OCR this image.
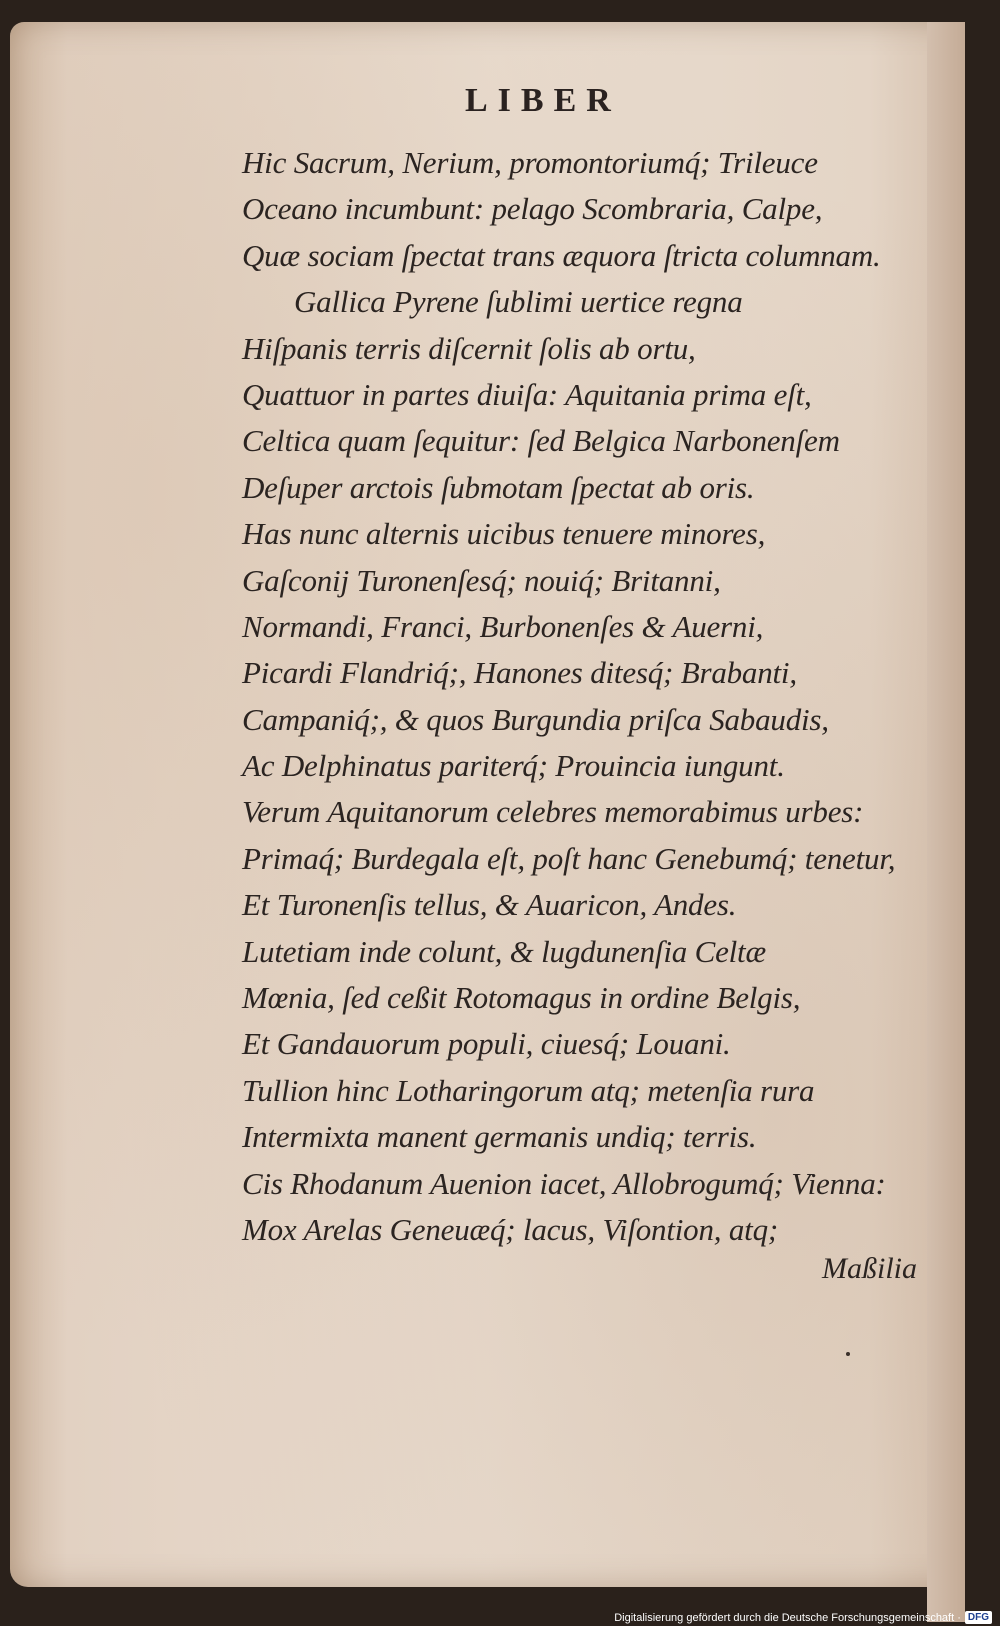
LIBER
Hic Sacrum, Nerium, promontoriumq́; Trileuce
Oceano incumbunt: pelago Scombraria, Calpe,
Quæ sociam ſpectat trans æquora ſtricta columnam.
Gallica Pyrene ſublimi uertice regna
Hiſpanis terris diſcernit ſolis ab ortu,
Quattuor in partes diuiſa: Aquitania prima eſt,
Celtica quam ſequitur: ſed Belgica Narbonenſem
Deſuper arctois ſubmotam ſpectat ab oris.
Has nunc alternis uicibus tenuere minores,
Gaſconij Turonenſesq́; nouiq́; Britanni,
Normandi, Franci, Burbonenſes & Auerni,
Picardi Flandriq́;, Hanones ditesq́; Brabanti,
Campaniq́;, & quos Burgundia priſca Sabaudis,
Ac Delphinatus pariterq́; Prouincia iungunt.
Verum Aquitanorum celebres memorabimus urbes:
Primaq́; Burdegala eſt, poſt hanc Genebumq́; tenetur,
Et Turonenſis tellus, & Auaricon, Andes.
Lutetiam inde colunt, & lugdunenſia Celtæ
Mœnia, ſed ceßit Rotomagus in ordine Belgis,
Et Gandauorum populi, ciuesq́; Louani.
Tullion hinc Lotharingorum atq; metenſia rura
Intermixta manent germanis undiq; terris.
Cis Rhodanum Auenion iacet, Allobrogumq́; Vienna:
Mox Arelas Geneuæq́; lacus, Viſontion, atq;
Maßilia
Digitalisierung gefördert durch die Deutsche Forschungsgemeinschaft · DFG
